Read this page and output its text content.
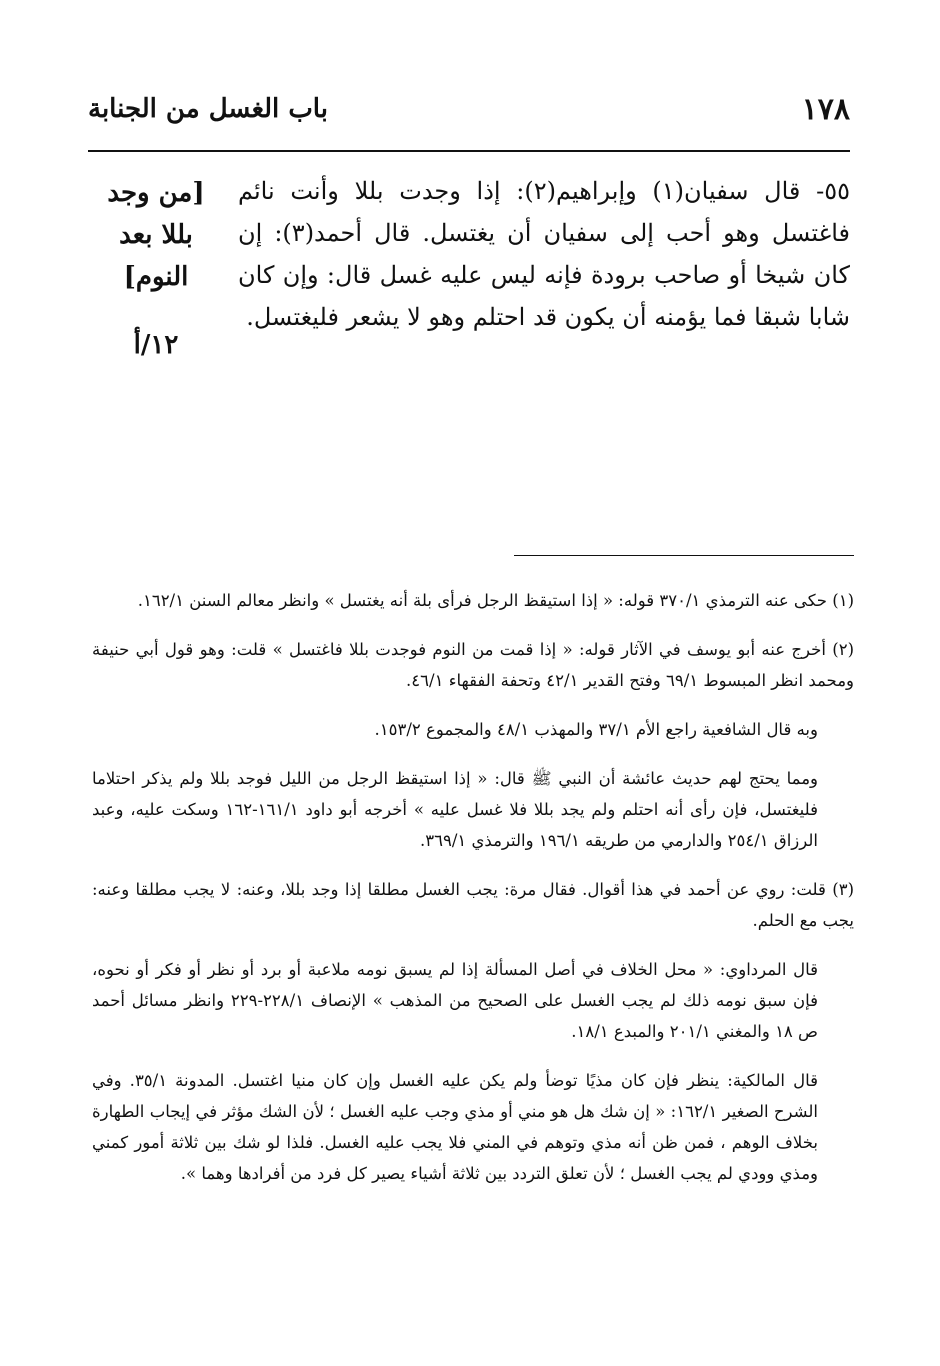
١٧٨
باب الغسل من الجنابة
[من وجد
بللا بعد
النوم]
١٢/أ
٥٥- قال سفيان(١) وإبراهيم(٢): إذا وجدت بللا وأنت نائم فاغتسل وهو أحب إلى سفيان أن يغتسل. قال أحمد(٣): إن كان شيخا أو صاحب برودة فإنه ليس عليه غسل قال: وإن كان شابا شبقا فما يؤمنه أن يكون قد احتلم وهو لا يشعر فليغتسل.

(١) حكى عنه الترمذي ٣٧٠/١ قوله: « إذا استيقظ الرجل فرأى بلة أنه يغتسل » وانظر معالم السنن ١٦٢/١.

(٢) أخرج عنه أبو يوسف في الآثار قوله: « إذا قمت من النوم فوجدت بللا فاغتسل » قلت: وهو قول أبي حنيفة ومحمد انظر المبسوط ٦٩/١ وفتح القدير ٤٢/١ وتحفة الفقهاء ٤٦/١.

وبه قال الشافعية راجع الأم ٣٧/١ والمهذب ٤٨/١ والمجموع ١٥٣/٢.

ومما يحتج لهم حديث عائشة أن النبي ﷺ قال: « إذا استيقظ الرجل من الليل فوجد بللا ولم يذكر احتلاما فليغتسل، فإن رأى أنه احتلم ولم يجد بللا فلا غسل عليه » أخرجه أبو داود ١٦١/١-١٦٢ وسكت عليه، وعبد الرزاق ٢٥٤/١ والدارمي من طريقه ١٩٦/١ والترمذي ٣٦٩/١.

(٣) قلت: روي عن أحمد في هذا أقوال. فقال مرة: يجب الغسل مطلقا إذا وجد بللا، وعنه: لا يجب مطلقا وعنه: يجب مع الحلم.

قال المرداوي: « محل الخلاف في أصل المسألة إذا لم يسبق نومه ملاعبة أو برد أو نظر أو فكر أو نحوه، فإن سبق نومه ذلك لم يجب الغسل على الصحيح من المذهب » الإنصاف ٢٢٨/١-٢٢٩ وانظر مسائل أحمد ص ١٨ والمغني ٢٠١/١ والمبدع ١٨/١.

قال المالكية: ينظر فإن كان مذيًا توضأ ولم يكن عليه الغسل وإن كان منيا اغتسل. المدونة ٣٥/١. وفي الشرح الصغير ١٦٢/١: « إن شك هل هو مني أو مذي وجب عليه الغسل ؛ لأن الشك مؤثر في إيجاب الطهارة بخلاف الوهم ، فمن ظن أنه مذي وتوهم في المني فلا يجب عليه الغسل. فلذا لو شك بين ثلاثة أمور كمني ومذي وودي لم يجب الغسل ؛ لأن تعلق التردد بين ثلاثة أشياء يصير كل فرد من أفرادها وهما ».
